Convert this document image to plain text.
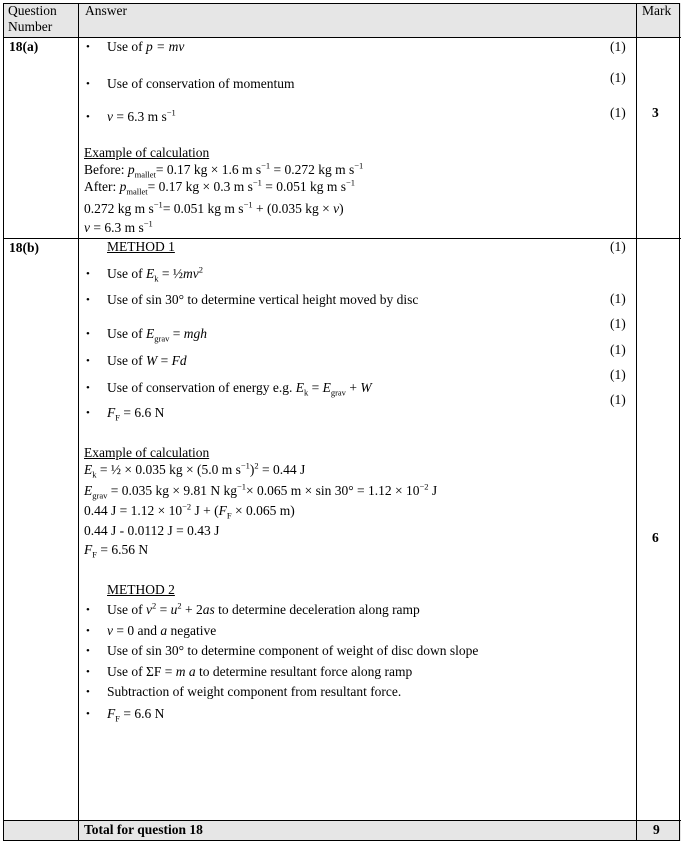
Question
Number
Answer	Mark
18(a)
3
18(b)
6
Example of calculation
METHOD 1
Example of calculation
METHOD 2
Total for question 18	9
• Use of p = mv
• Use of conservation of momentum
• v = 6.3 m $s^{-1}$
(1)
(1)
(1)
Before: $p_{mallet}= 0.17$ kg × 1.6 m $s^{-1} = 0.272$ kg m $s^{-1}$
After: $p_{mallet}= 0.17$ kg × 0.3 m $s^{-1} = 0.051$ kg m $s^{-1}$
0.272 kg m $s^{-1}= 0.051$ kg m $s^{-1} + (0.035$ kg × v)
v = 6.3 m $s^{-1}$
• Use of $E_k$ = $\frac{1}{2}mv^2$
• Use of sin 30° to determine vertical height moved by disc
• Use of $E_{grav}$ = mgh
• Use of W = Fd
• Use of conservation of energy e.g. $E_k = E_{grav} + W$
• $F_F = 6.6$ N
(1)
(1)
(1)
(1)
(1)
(1)
$E_k$ = ½ × 0.035 kg × (5.0 m $s^{-1})^2 = 0.44$ J
$E_{grav} = 0.035$ kg × 9.81 N $kg^{-1}\times 0.065$ $m \times \sin 30^\circ = 1.12 \times 10^{-2}$ J
0.44 $J = 1.12 \times 10^{-2}$ $J + (F_F \times 0.065$ m)
0.44 J - 0.0112 J = 0.43 J
$F_F = 6.56$ N
• Use of $v^2 = u^2 + 2as$ to determine deceleration along ramp
• v = 0 and a negative
• Use of sin 30° to determine component of weight of disc down slope
• Use of ΣF = m a to determine resultant force along ramp
• Subtraction of weight component from resultant force.
• $F_F = 6.6$ N
